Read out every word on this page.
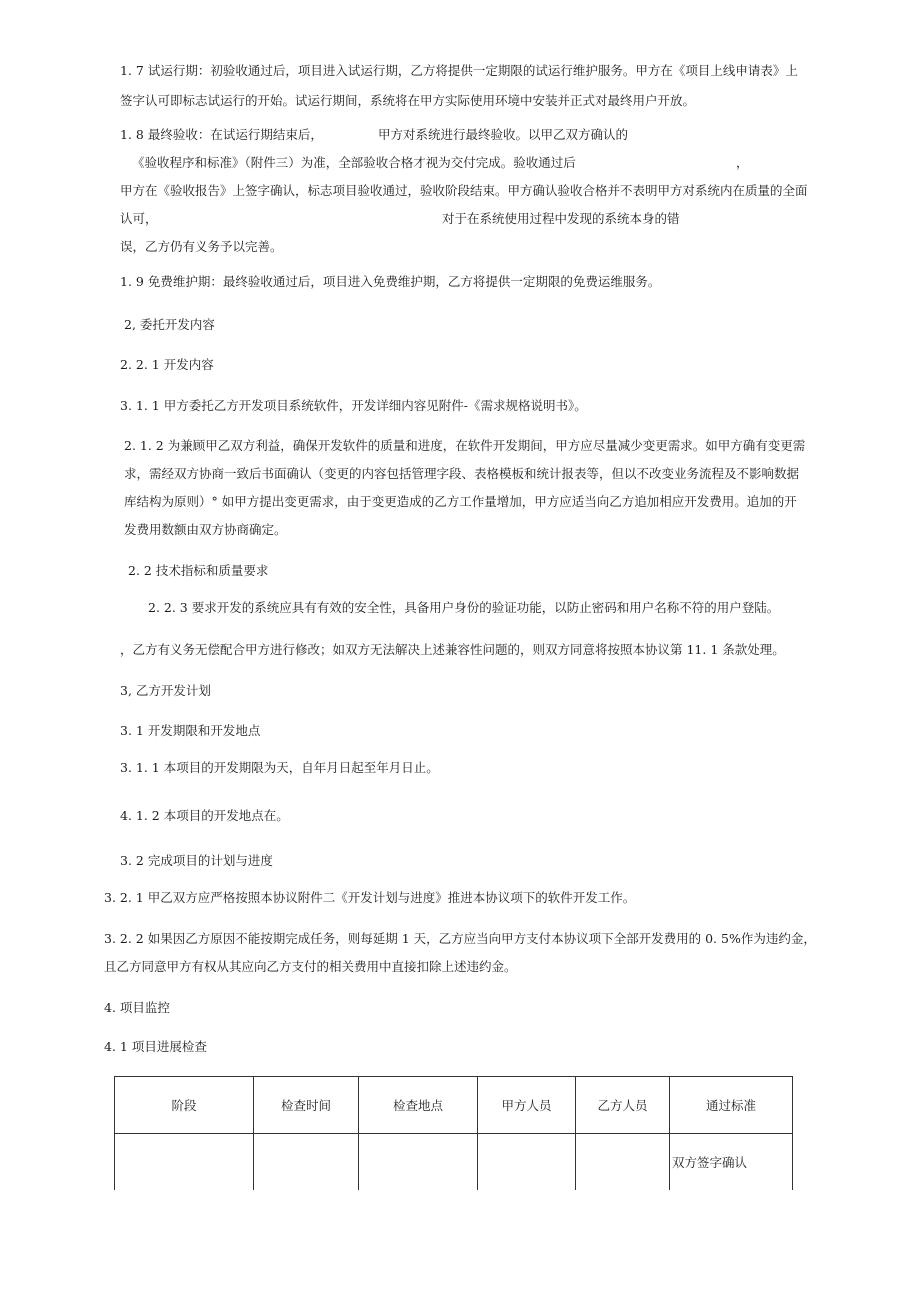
1. 7 试运行期：初验收通过后，项目进入试运行期，乙方将提供一定期限的试运行维护服务。甲方在《项目上线申请表》上
签字认可即标志试运行的开始。试运行期间，系统将在甲方实际使用环境中安装并正式对最终用户开放。
1. 8 最终验收：在试运行期结束后，	甲方对系统进行最终验收。以甲乙双方确认的
《验收程序和标准》（附件三）为准，全部验收合格才视为交付完成。验收通过后	，
甲方在《验收报告》上签字确认，标志项目验收通过，验收阶段结束。甲方确认验收合格并不表明甲方对系统内在质量的全面
认可，	对于在系统使用过程中发现的系统本身的错
误，乙方仍有义务予以完善。
1. 9 免费维护期：最终验收通过后，项目进入免费维护期，乙方将提供一定期限的免费运维服务。
2, 委托开发内容
2. 2. 1 开发内容
3. 1. 1 甲方委托乙方开发项目系统软件，开发详细内容见附件-《需求规格说明书》。
2. 1. 2 为兼顾甲乙双方利益，确保开发软件的质量和进度，在软件开发期间，甲方应尽量减少变更需求。如甲方确有变更需
求，需经双方协商一致后书面确认（变更的内容包括管理字段、表格模板和统计报表等，但以不改变业务流程及不影响数据
库结构为原则）° 如甲方提出变更需求，由于变更造成的乙方工作量增加，甲方应适当向乙方追加相应开发费用。追加的开
发费用数额由双方协商确定。
2. 2 技术指标和质量要求
2. 2. 3 要求开发的系统应具有有效的安全性，具备用户身份的验证功能，以防止密码和用户名称不符的用户登陆。
，乙方有义务无偿配合甲方进行修改；如双方无法解决上述兼容性问题的，则双方同意将按照本协议第 11. 1 条款处理。
3, 乙方开发计划
3. 1 开发期限和开发地点
3. 1. 1 本项目的开发期限为天，自年月日起至年月日止。
4. 1. 2 本项目的开发地点在。
3. 2 完成项目的计划与进度
3. 2. 1 甲乙双方应严格按照本协议附件二《开发计划与进度》推进本协议项下的软件开发工作。
3. 2. 2 如果因乙方原因不能按期完成任务，则每延期 1 天，乙方应当向甲方支付本协议项下全部开发费用的 0. 5%作为违约金，
且乙方同意甲方有权从其应向乙方支付的相关费用中直接扣除上述违约金。
4. 项目监控
4. 1 项目进展检查
阶段	检查时间	检查地点	甲方人员	乙方人员	通过标准
					双方签字确认
